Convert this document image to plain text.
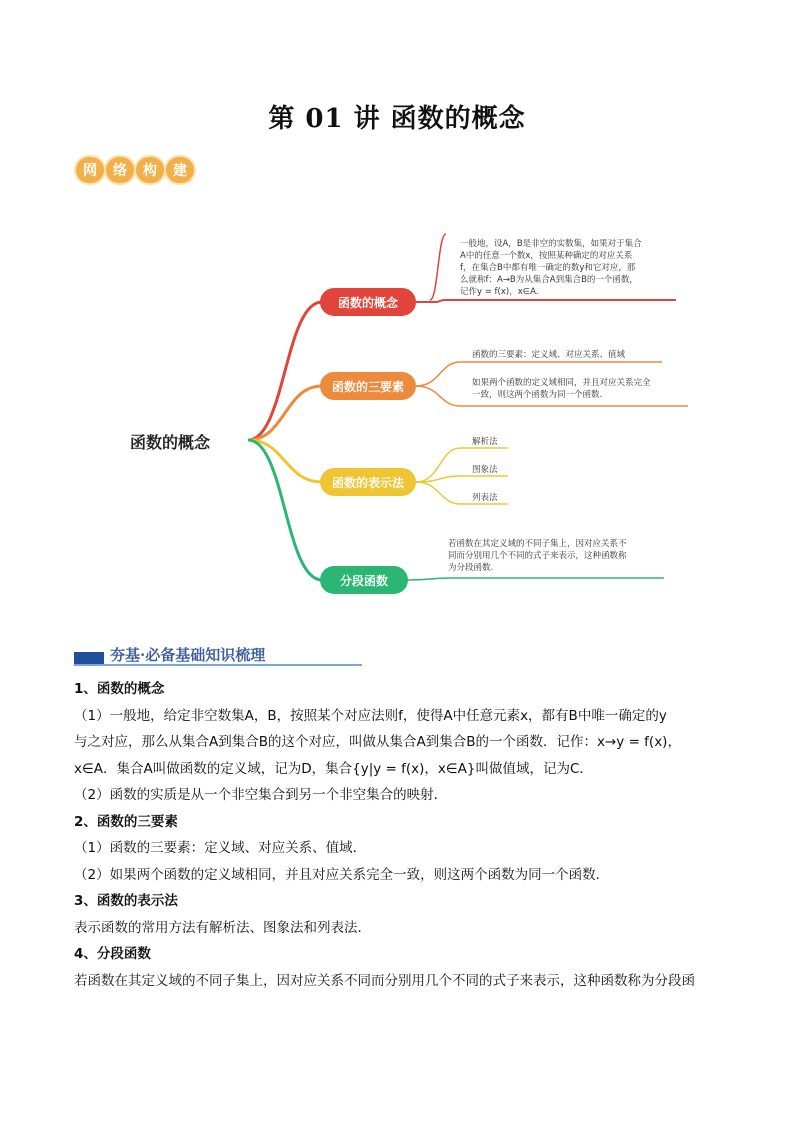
第 01 讲 函数的概念
网	络	构	建
函数的概念
函数的概念
一般地，设A，B是非空的实数集，如果对于集合
A中的任意一个数x，按照某种确定的对应关系
f，在集合B中都有唯一确定的数y和它对应，那
么就称f：A→B为从集合A到集合B的一个函数，
记作y = f(x)，x∈A.
函数的三要素
函数的三要素：定义域、对应关系、值域
如果两个函数的定义域相同，并且对应关系完全
一致，则这两个函数为同一个函数.
函数的表示法
解析法
图象法
列表法
分段函数
若函数在其定义域的不同子集上，因对应关系不
同而分别用几个不同的式子来表示，这种函数称
为分段函数.
夯基·必备基础知识梳理

1、函数的概念

（1）一般地，给定非空数集A，B，按照某个对应法则f，使得A中任意元素x，都有B中唯一确定的y

与之对应，那么从集合A到集合B的这个对应，叫做从集合A到集合B的一个函数．记作：x→y = f(x)，

x∈A．集合A叫做函数的定义域，记为D，集合{y|y = f(x)，x∈A}叫做值域，记为C．

（2）函数的实质是从一个非空集合到另一个非空集合的映射．

2、函数的三要素

（1）函数的三要素：定义域、对应关系、值域．

（2）如果两个函数的定义域相同，并且对应关系完全一致，则这两个函数为同一个函数．

3、函数的表示法

表示函数的常用方法有解析法、图象法和列表法．

4、分段函数

若函数在其定义域的不同子集上，因对应关系不同而分别用几个不同的式子来表示，这种函数称为分段函
